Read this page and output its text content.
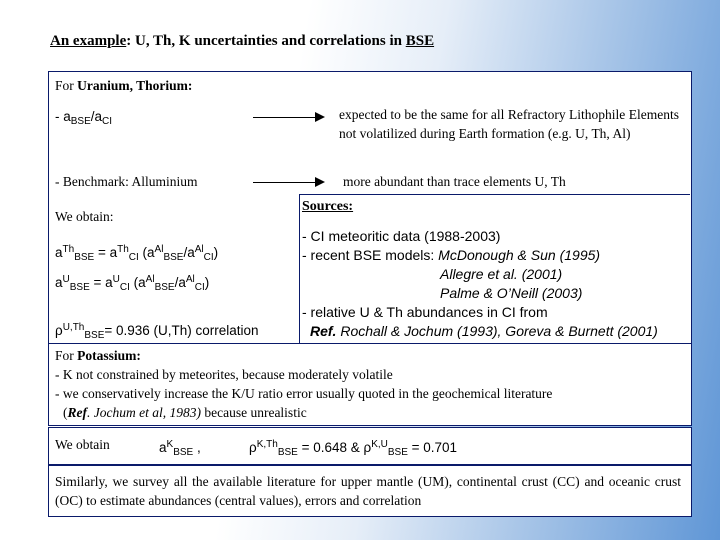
An example: U, Th, K uncertainties and correlations in BSE
For Uranium, Thorium:
- $a_{BSE}/a_{CI}$	expected to be the same for all Refractory Lithophile Elements not volatilized during Earth formation (e.g. U, Th, Al)
- Benchmark: Alluminium	more abundant than trace elements U, Th
We obtain:
$a^{Th}_{BSE} = a^{Th}_{CI}$ $(a^{Al}_{BSE}/a^{Al}_{CI})$
$a^U_{BSE} = a^U_{CI}$ $(a^{Al}_{BSE}/a^{Al}_{CI})$
$\rho^{U,Th}_{BSE}= 0.936$ (U,Th) correlation
Sources:
- CI meteoritic data (1988-2003)
- recent BSE models: McDonough & Sun (1995)
Allegre et al. (2001)
Palme & O’Neill (2003)
- relative U & Th abundances in CI from
Ref. Rochall & Jochum (1993), Goreva & Burnett (2001)
For Potassium:
- K not constrained by meteorites, because moderately volatile
- we conservatively increase the K/U ratio error usually quoted in the geochemical literature
(Ref. Jochum et al, 1983) because unrealistic
We obtain	$a^K_{BSE}$ ,	$\rho^{K,Th}_{BSE} = 0.648$ & $\rho^{K,U}_{BSE} = 0.701$
Similarly, we survey all the available literature for upper mantle (UM), continental crust (CC) and oceanic crust (OC) to estimate abundances (central values), errors and correlation
